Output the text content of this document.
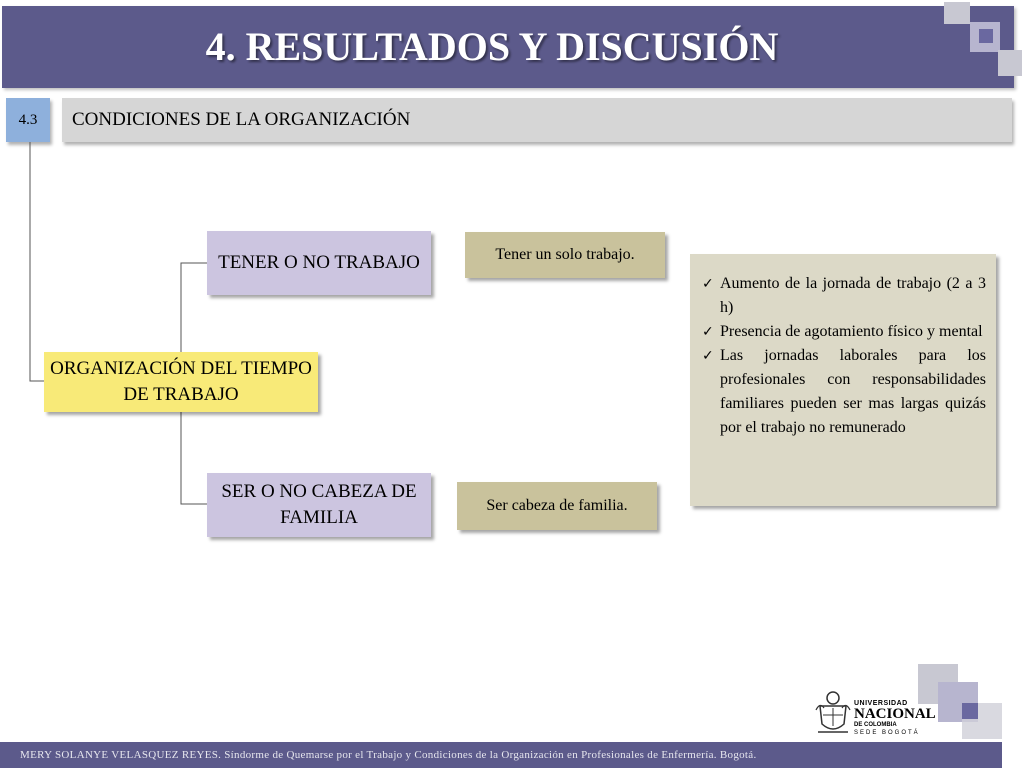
4. RESULTADOS Y DISCUSIÓN
4.3	CONDICIONES DE LA ORGANIZACIÓN
TENER O NO TRABAJO
ORGANIZACIÓN DEL TIEMPO DE TRABAJO
SER O NO CABEZA DE FAMILIA
Tener un solo trabajo.
Ser cabeza de familia.
✓ Aumento de la jornada de trabajo (2 a 3 h)
✓ Presencia de agotamiento físico y mental
✓ Las jornadas laborales para los profesionales con responsabilidades familiares pueden ser mas largas quizás por el trabajo no remunerado
UNIVERSIDAD
NACIONAL
DE COLOMBIA
SEDE BOGOTÁ
MERY SOLANYE VELASQUEZ REYES. Síndorme de Quemarse por el Trabajo y Condiciones de la Organización en Profesionales de Enfermería. Bogotá.
